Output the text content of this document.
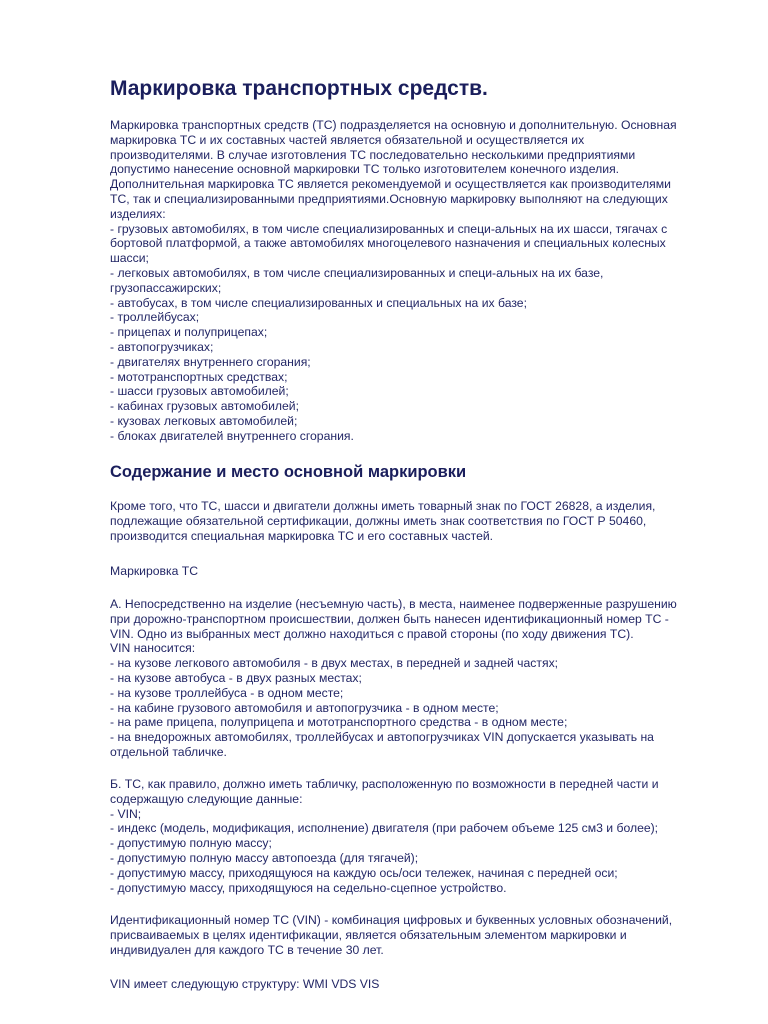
Маркировка транспортных средств.
Маркировка транспортных средств (ТС) подразделяется на основную и дополнительную. Основная
маркировка ТС и их составных частей является обязательной и осуществляется их
производителями. В случае изготовления ТС последовательно несколькими предприятиями
допустимо нанесение основной маркировки ТС только изготовителем конечного изделия.
Дополнительная маркировка ТС является рекомендуемой и осуществляется как производителями
ТС, так и специализированными предприятиями.Основную маркировку выполняют на следующих
изделиях:
- грузовых автомобилях, в том числе специализированных и специ-альных на их шасси, тягачах с
бортовой платформой, а также автомобилях многоцелевого назначения и специальных колесных
шасси;
- легковых автомобилях, в том числе специализированных и специ-альных на их базе,
грузопассажирских;
- автобусах, в том числе специализированных и специальных на их базе;
- троллейбусах;
- прицепах и полуприцепах;
- автопогрузчиках;
- двигателях внутреннего сгорания;
- мототранспортных средствах;
- шасси грузовых автомобилей;
- кабинах грузовых автомобилей;
- кузовах легковых автомобилей;
- блоках двигателей внутреннего сгорания.
Содержание и место основной маркировки
Кроме того, что ТС, шасси и двигатели должны иметь товарный знак по ГОСТ 26828, а изделия,
подлежащие обязательной сертификации, должны иметь знак соответствия по ГОСТ Р 50460,
производится специальная маркировка ТС и его составных частей.
Маркировка ТС
А. Непосредственно на изделие (несъемную часть), в места, наименее подверженные разрушению
при дорожно-транспортном происшествии, должен быть нанесен идентификационный номер ТС -
VIN. Одно из выбранных мест должно находиться с правой стороны (по ходу движения ТС).
VIN наносится:
- на кузове легкового автомобиля - в двух местах, в передней и задней частях;
- на кузове автобуса - в двух разных местах;
- на кузове троллейбуса - в одном месте;
- на кабине грузового автомобиля и автопогрузчика - в одном месте;
- на раме прицепа, полуприцепа и мототранспортного средства - в одном месте;
- на внедорожных автомобилях, троллейбусах и автопогрузчиках VIN допускается указывать на
отдельной табличке.
Б. ТС, как правило, должно иметь табличку, расположенную по возможности в передней части и
содержащую следующие данные:
- VIN;
- индекс (модель, модификация, исполнение) двигателя (при рабочем объеме 125 см3 и более);
- допустимую полную массу;
- допустимую полную массу автопоезда (для тягачей);
- допустимую массу, приходящуюся на каждую ось/оси тележек, начиная с передней оси;
- допустимую массу, приходящуюся на седельно-сцепное устройство.
Идентификационный номер ТС (VIN) - комбинация цифровых и буквенных условных обозначений,
присваиваемых в целях идентификации, является обязательным элементом маркировки и
индивидуален для каждого ТС в течение 30 лет.
VIN имеет следующую структуру: WMI VDS VIS
